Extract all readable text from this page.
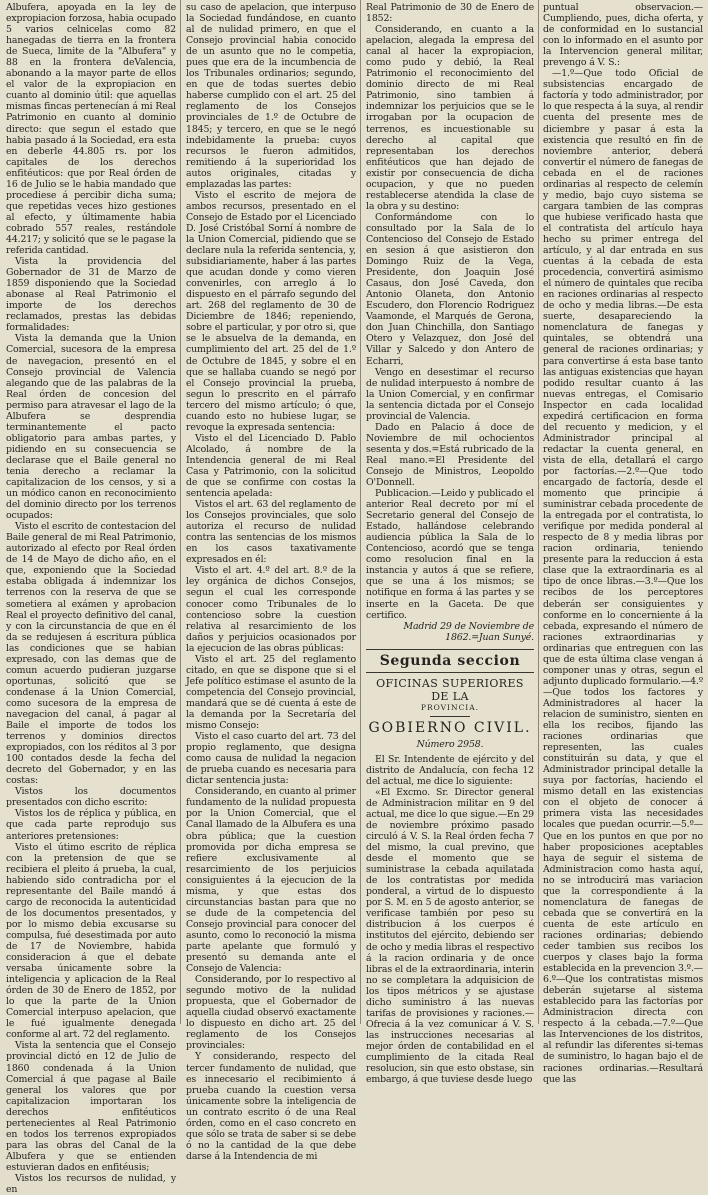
Albufera, apoyada en la ley de expropiacion forzosa, habia ocupado 5 varios celnicelas como 82 hanegadas de tierra en la frontera de Sueca, limite de la "Albufera" y 88 en la frontera deValencia, abonando a la mayor parte de ellos el valor de la expropiacion en cuanto al dominio útil: que aquellas mismas fincas pertenecían á mi Real Patrimonio en cuanto al dominio directo: que segun el estado que habia pasado á la Sociedad, era esta en deberle 44.805 rs. por los capitales de los derechos enfitéuticos: que por Real órden de 16 de Julio se le habia mandado que procediese á percibir dicha suma; que repetidas veces hizo gestiones al efecto, y últimamente habia cobrado 557 reales, restándole 44.217; y solicitó que se le pagase la referida cantidad.

Vista la providencia del Gobernador de 31 de Marzo de 1859 disponiendo que la Sociedad abonase al Real Patrimonio el importe de los derechos reclamados, prestas las debidas formalidades:

Vista la demanda que la Union Comercial, sucesora de la empresa de navegacion, presentó en el Consejo provincial de Valencia alegando que de las palabras de la Real órden de concesion del permiso para atravesar el lago de la Albufera se desprendia terminantemente el pacto obligatorio para ambas partes, y pidiendo en su consecuencia se declarase que el Baile general no tenia derecho a reclamar la capitalizacion de los censos, y si a un módico canon en reconocimiento del dominio directo por los terrenos ocupados:

Visto el escrito de contestacion del Baile general de mi Real Patrimonio, autorizado al efecto por Real órden de 14 de Mayo de dicho año, en el que, exponiendo que la Sociedad estaba obligada á indemnizar los terrenos con la reserva de que se sometiera al exámen y aprobacion Real el proyecto definitivo del canal, y con la circunstancia de que en él da se redujesen á escritura pública las condiciones que se habian expresado, con las demas que de comun acuerdo pudieran juzgarse oportunas, solicitó que se condenase á la Union Comercial, como sucesora de la empresa de navegacion del canal, á pagar al Baile el importe de todos los terrenos y dominios directos expropiados, con los réditos al 3 por 100 contados desde la fecha del decreto del Gobernador, y en las costas:

Vistos los documentos presentados con dicho escrito:

Vistos los de réplica y pública, en que cada parte reprodujo sus anteriores pretensiones:

Visto el útimo escrito de réplica con la pretension de que se recibiera el pleito á prueba, la cual, habiendo sido contradicha por el representante del Baile mandó á cargo de reconocida la autenticidad de los documentos presentados, y por lo mismo debia excusarse su compulsa, fué desestimada por auto de 17 de Noviembre, habida consideracion á que el debate versaba únicamente sobre la inteligencia y aplicacion de la Real órden de 30 de Enero de 1852, por lo que la parte de la Union Comercial interpuso apelacion, que le fué igualmente denegada conforme al art. 72 del reglamento.

Vista la sentencia que el Consejo provincial dictó en 12 de Julio de 1860 condenada á la Union Comercial á que pagase al Baile general los valores que por capitalizacion importaran los derechos enfitéuticos pertenecientes al Real Patrimonio en todos los terrenos expropiados para las obras del Canal de la Albufera y que se entienden estuvieran dados en enfitéusis;

Vistos los recursos de nulidad, y en

su caso de apelacion, que interpuso la Sociedad fundándose, en cuanto al de nulidad primero, en que el Consejo provincial habia conocido de un asunto que no le competia, pues que era de la incumbencia de los Tribunales ordinarios; segundo, en que de todas suertes debio haberse cumplido con el art. 25 del reglamento de los Consejos provinciales de 1.º de Octubre de 1845; y tercero, en que se le negó indebidamente la prueba: cuyos recursos le fueron admitidos, remitiendo á la superioridad los autos originales, citadas y emplazadas las partes:

Visto el escrito de mejora de ambos recursos, presentado en el Consejo de Estado por el Licenciado D. José Cristóbal Sorní á nombre de la Union Comercial, pidiendo que se declare nula la referida sentencia, y, subsidiariamente, haber á las partes que acudan donde y como vieren convenirles, con arreglo á lo dispuesto en el párrafo segundo del art. 268 del reglamento de 30 de Diciembre de 1846; repeniendo, sobre el particular, y por otro si, que se le absuelva de la demanda, en cumplimiento del art. 25 del de 1.º de Octubre de 1845, y sobre el en que se hallaba cuando se negó por el Consejo provincial la prueba, segun lo prescrito en el párrafo tercero del mismo artículo; ó que, cuando esto no hubiese lugar, se revoque la expresada sentencia:

Visto el del Licenciado D. Pablo Alcolado, á nombre de la Intendencia general de mi Real Casa y Patrimonio, con la solicitud de que se confirme con costas la sentencia apelada:

Vistos el art. 63 del reglamento de los Consejos provinciales, que solo autoriza el recurso de nulidad contra las sentencias de los mismos en los casos taxativamente expresados en él:

Visto el art. 4.º del art. 8.º de la ley orgánica de dichos Consejos, segun el cual les corresponde conocer como Tribunales de lo contencioso sobre la cuestion relativa al resarcimiento de los daños y perjuicios ocasionados por la ejecucion de las obras públicas:

Visto el art. 25 del reglamento citado, en que se dispone que si el Jefe político estimase el asunto de la competencia del Consejo provincial, mandará que se dé cuenta á este de la demanda por la Secretaría del mismo Consejo:

Visto el caso cuarto del art. 73 del propio reglamento, que designa como causa de nulidad la negacion de prueba cuando es necesaria para dictar sentencia justa:

Considerando, en cuanto al primer fundamento de la nulidad propuesta por la Union Comercial, que el Canal llamado de la Albufera es una obra pública; que la cuestion promovida por dicha empresa se refiere exclusivamente al resarcimiento de los perjuicios consiguientes á la ejecucion de la misma, y que estas dos circunstancias bastan para que no se dude de la competencia del Consejo provincial para conocer del asunto, como lo reconoció la misma parte apelante que formuló y presentó su demanda ante el Consejo de Valencia:

Considerando, por lo respectivo al segundo motivo de la nulidad propuesta, que el Gobernador de aquella ciudad observó exactamente lo dispuesto en dicho art. 25 del reglamento de los Consejos provinciales:

Y considerando, respecto del tercer fundamento de nulidad, que es innecesario el recibimiento á prueba cuando la cuestion versa únicamente sobre la inteligencia de un contrato escrito ó de una Real órden, como en el caso concreto en que sólo se trata de saber si se debe ó no la cantidad de la que debe darse á la Intendencia de mi

Real Patrimonio de 30 de Enero de 1852:

Considerando, en cuanto a la apelacion, alegada la empresa del canal al hacer la expropiacion, como pudo y debió, la Real Patrimonio el reconocimiento del dominio directo de mi Real Patrimonio, sino tambien á indemnizar los perjuicios que se le irrogaban por la ocupacion de terrenos, es incuestionable su derecho al capital que representaban los derechos enfitéuticos que han dejado de existir por consecuencia de dicha ocupacion, y que no pueden restablecerse atendida la clase de la obra y su destino:

Conformándome con lo consultado por la Sala de lo Contencioso del Consejo de Estado en sesion á que asistieron don Domingo Ruiz de la Vega, Presidente, don Joaquin José Casaus, don José Caveda, don Antonio Olaneta, don Antonio Escudero, don Florencio Rodriguez Vaamonde, el Marqués de Gerona, don Juan Chinchilla, don Santiago Otero y Velazquez, don José del Villar y Salcedo y don Antero de Echarri,

Vengo en desestimar el recurso de nulidad interpuesto á nombre de la Union Comercial, y en confirmar la sentencia dictada por el Consejo provincial de Valencia.

Dado en Palacio á doce de Noviembre de mil ochocientos sesenta y dos.=Está rubricado de la Real mano.=El Presidente del Consejo de Ministros, Leopoldo O'Donnell.

Publicacion.—Leido y publicado el anterior Real decreto por mí el Secretario general del Consejo de Estado, hallándose celebrando audiencia pública la Sala de lo Contencioso, acordó que se tenga como resolucion final en la instancia y autos á que se refiere, que se una á los mismos; se notifique en forma á las partes y se inserte en la Gaceta. De que certifico.

Madrid 29 de Noviembre de 1862.=Juan Sunyé.

Segunda seccion
OFICINAS SUPERIORES DE LA
PROVINCIA.
GOBIERNO CIVIL.
Número 2958.

El Sr. Intendente de ejército y del distrito de Andalucía, con fecha 12 del actual, me dice lo siguiente:

«El Excmo. Sr. Director general de Administracion militar en 9 del actual, me dice lo que sigue.—En 29 de noviembre próximo pasado circuló á V. S. la Real órden fecha 7 del mismo, la cual previno, que desde el momento que se suministrase la cebada aquilatada de los contratistas por medida ponderal, a virtud de lo dispuesto por S. M. en 5 de agosto anterior, se verificase también por peso su distribucion á los cuerpos é institutos del ejército, debiendo ser de ocho y media libras el respectivo á la racion ordinaria y de once libras el de la extraordinaria, interin no se completara la adquisicion de los tipos métricos y se ajustase dicho suministro á las nuevas tarifas de provisiones y raciones.—Ofrecia á la vez comunicar á V. S. las instrucciones necesarias al mejor órden de contabilidad en el cumplimiento de la citada Real resolucion, sin que esto obstase, sin embargo, á que tuviese desde luego

puntual observacion.—Cumpliendo, pues, dicha oferta, y de conformidad en lo sustancial con lo informado en el asunto por la Intervencion general militar, prevengo á V. S.:

—1.º—Que todo Oficial de subsistencias encargado de factoría y todo administrador, por lo que respecta á la suya, al rendir cuenta del presente mes de diciembre y pasar á esta la existencia que resultó en fin de noviembre anterior, deberá convertir el número de fanegas de cebada en el de raciones ordinarias al respecto de celemín y medio, bajo cuyo sistema se cargara tambien de las compras que hubiese verificado hasta que el contratista del artículo haya hecho su primer entrega del artículo, y al dar entrada en sus cuentas á la cebada de esta procedencia, convertirá asimismo el número de quintales que reciba en raciones ordinarias al respecto de ocho y media libras.—De esta suerte, desapareciendo la nomenclatura de fanegas y quintales, se obtendrá una general de raciones ordinarias; y para convertirse á esta base tanto las antiguas existencias que hayan podido resultar cuanto á las nuevas entregas, el Comisario Inspector en cada localidad expedirá certificacion en forma del recuento y medicion, y el Administrador principal al redactar la cuenta general, en vista de ella, detallará el cargo por factorías.—2.º—Que todo encargado de factoría, desde el momento que principie á suministrar cebada procedente de la entregada por el contratista, lo verifique por medida ponderal al respecto de 8 y media libras por racion ordinaria, teniendo presente para la reduccion á esta clase que la extraordinaria es al tipo de once libras.—3.º—Que los recibos de los perceptores deberán ser consiguientes y conforme en lo concerniente á la cebada, expresando el número de raciones extraordinarias y ordinarias que entreguen con las que de esta última clase vengan á componer unas y otras, segun el adjunto duplicado formulario.—4.º—Que todos los factores y Administradores al hacer la relacion de suministro, sienten en ella los recibos, fijando las raciones ordinarias que representen, las cuales constituirán su data, y que el Administrador principal detalle la suya por factorías, haciendo el mismo detall en las existencias con el objeto de conocer á primera vista las necesidades locales que puedan ocurrir.—5.º—Que en los puntos en que por no haber proposiciones aceptables haya de seguir el sistema de Administracion como hasta aquí, no se introducirá mas variacion que la correspondiente á la nomenclatura de fanegas de cebada que se convertirá en la cuenta de este artículo en raciones ordinarias; debiendo ceder tambien sus recibos los cuerpos y clases bajo la forma establecida en la prevencion 3.º.—6.º—Que los contratistas mismos deberán sujetarse al sistema establecido para las factorías por Administracion directa con respecto á la cebada.—7.º—Que las Intervenciones de los distritos, al refundir las diferentes si-temas de suministro, lo hagan bajo el de raciones ordinarias.—Resultará que las
